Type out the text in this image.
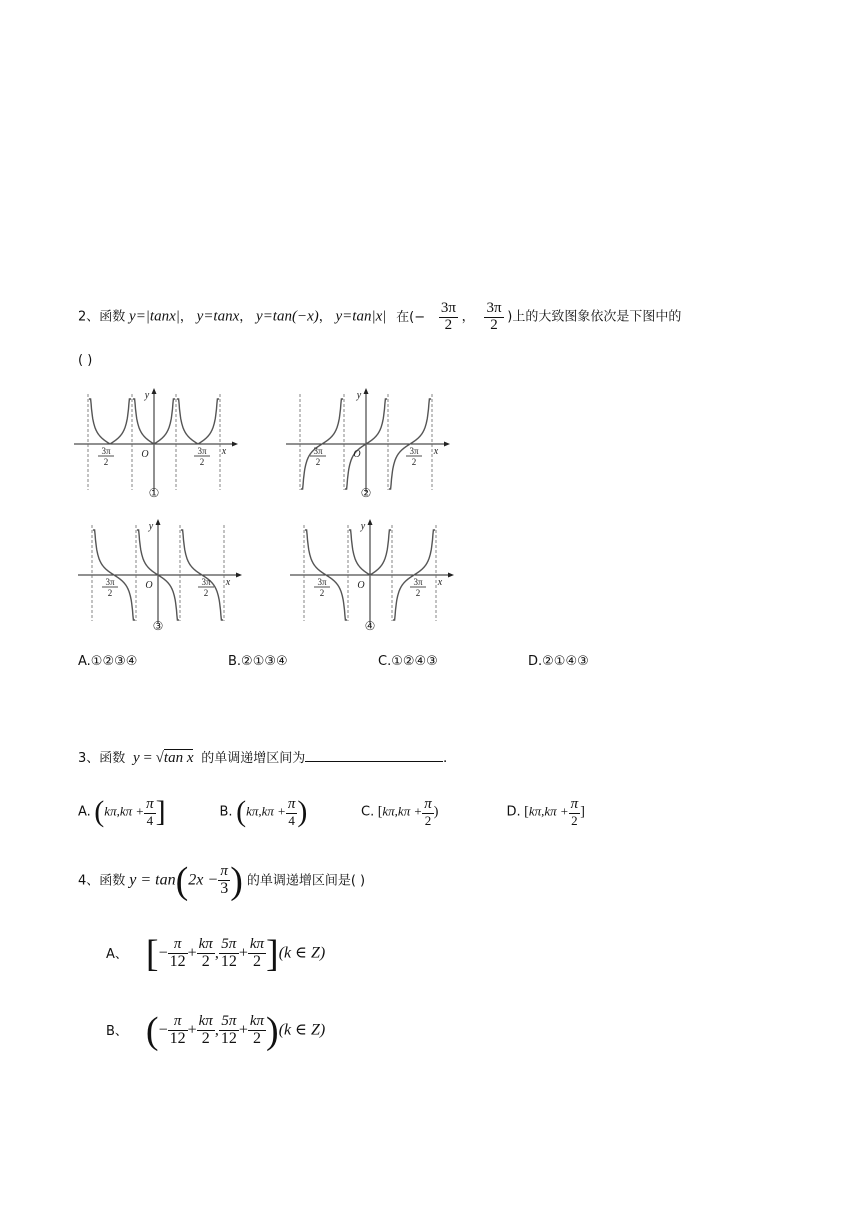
2、函数 y=|tanx|， y=tanx， y=tan(−x)， y=tan|x| 在(− $\frac{3\pi}{2}$ ， $\frac{3\pi}{2}$ )上的大致图象依次是下图中的
( )
x
y
O
3π
2
3π
2
①
x
y
O
3π
2
3π
2
②
x
y
O
3π
2
3π
2
③
x
y
O
3π
2
3π
2
④
A.①②③④	B.②①③④	C.①②④③	D.②①④③
3、函数 y = √tan x 的单调递增区间为	.
A. ($k\pi,k\pi + \frac{\pi}{4}$ ]	B. ($k\pi,k\pi + \frac{\pi}{4}$ )	C. [$k\pi,k\pi + \frac{\pi}{2}$ )	D. [$k\pi,k\pi + \frac{\pi}{2}$ ]
4、函数 $y = \tan(2x - \frac{\pi}{3}$ ) 的单调递增区间是( )
A、 [− $\frac{\pi}{12} + \frac{k\pi}{2}$ , $\frac{5\pi}{12} + \frac{k\pi}{2} ](k$ ∈ Z)
B、 (− $\frac{\pi}{12} + \frac{k\pi}{2}$ , $\frac{5\pi}{12} + \frac{k\pi}{2} )(k$ ∈ Z)
